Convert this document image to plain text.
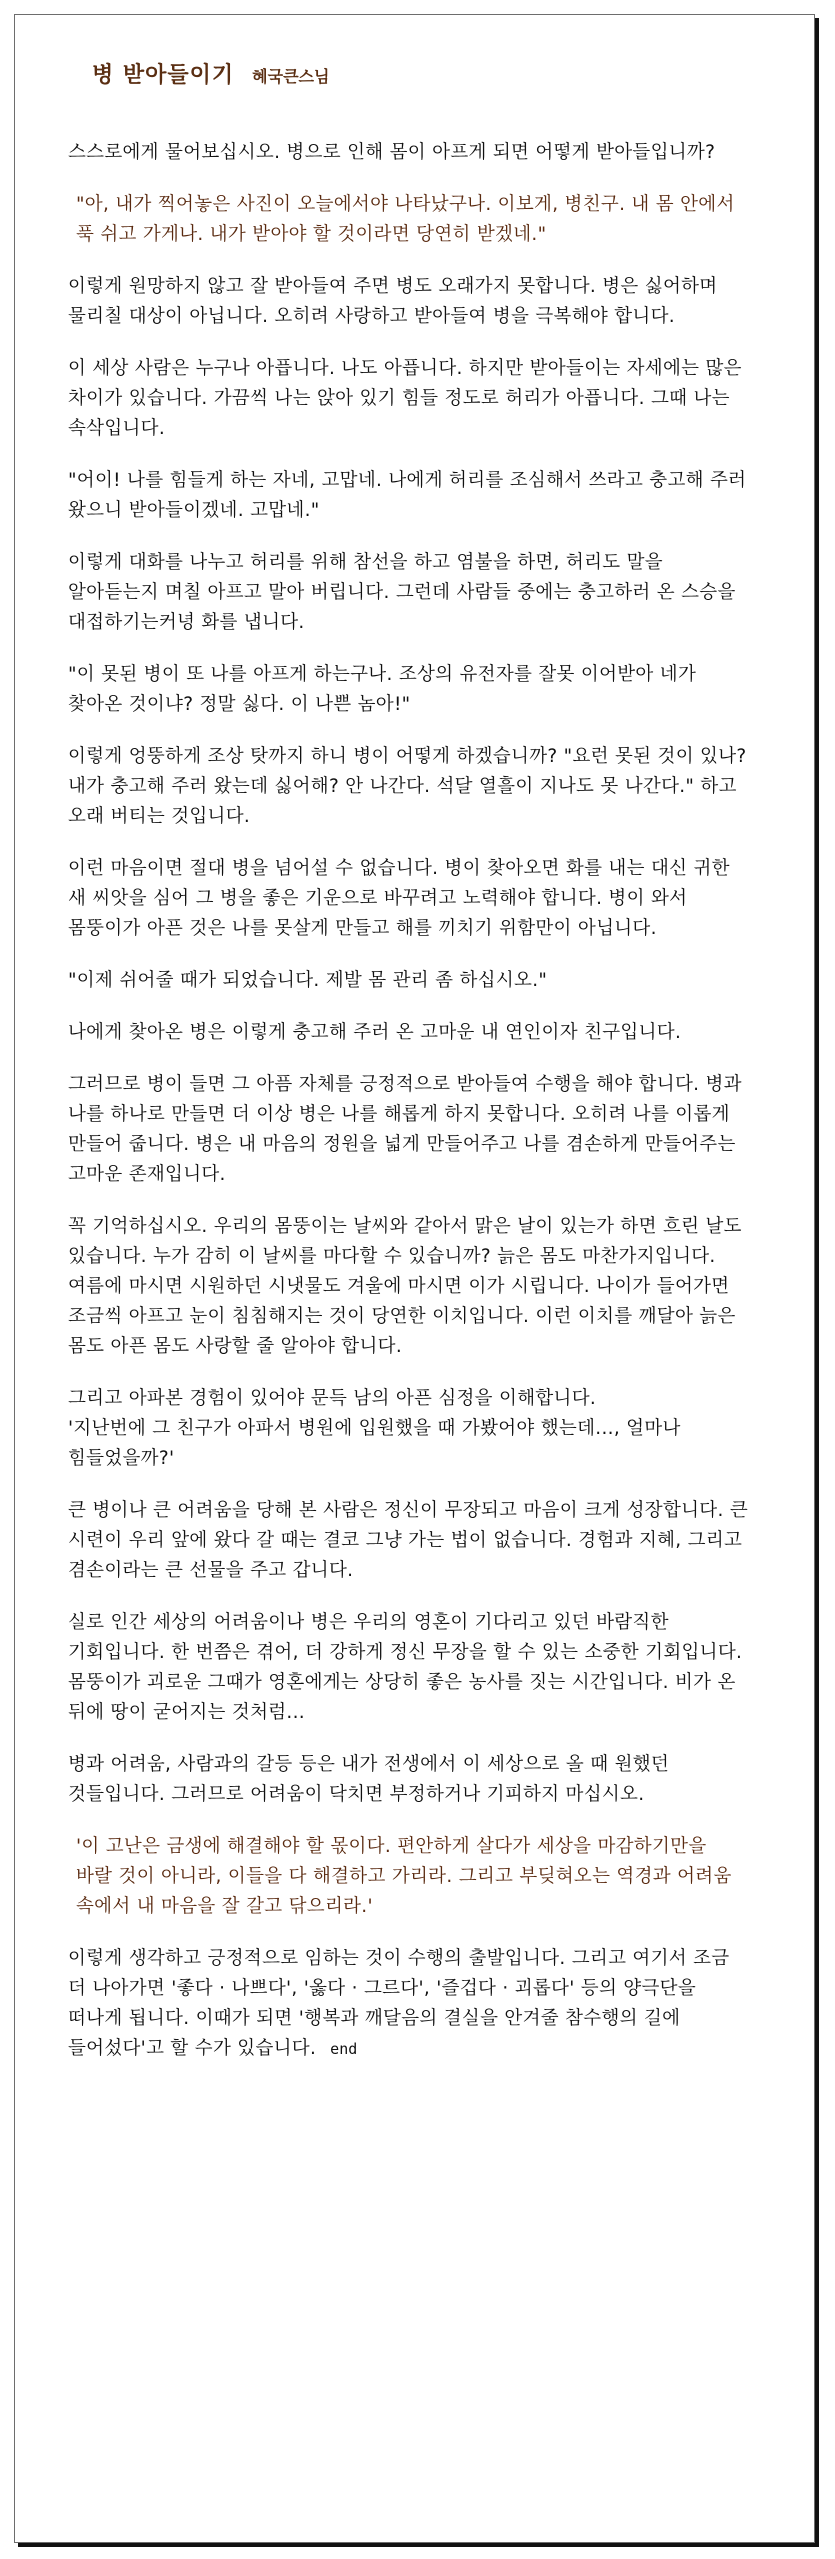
병 받아들이기 혜국큰스님

스스로에게 물어보십시오. 병으로 인해 몸이 아프게 되면 어떻게 받아들입니까?

"아, 내가 찍어놓은 사진이 오늘에서야 나타났구나. 이보게, 병친구. 내 몸 안에서 푹 쉬고 가게나. 내가 받아야 할 것이라면 당연히 받겠네."

이렇게 원망하지 않고 잘 받아들여 주면 병도 오래가지 못합니다. 병은 싫어하며 물리칠 대상이 아닙니다. 오히려 사랑하고 받아들여 병을 극복해야 합니다.

이 세상 사람은 누구나 아픕니다. 나도 아픕니다. 하지만 받아들이는 자세에는 많은 차이가 있습니다. 가끔씩 나는 앉아 있기 힘들 정도로 허리가 아픕니다. 그때 나는 속삭입니다.

"어이! 나를 힘들게 하는 자네, 고맙네. 나에게 허리를 조심해서 쓰라고 충고해 주러 왔으니 받아들이겠네. 고맙네."

이렇게 대화를 나누고 허리를 위해 참선을 하고 염불을 하면, 허리도 말을 알아듣는지 며칠 아프고 말아 버립니다. 그런데 사람들 중에는 충고하러 온 스승을 대접하기는커녕 화를 냅니다.

"이 못된 병이 또 나를 아프게 하는구나. 조상의 유전자를 잘못 이어받아 네가 찾아온 것이냐? 정말 싫다. 이 나쁜 놈아!"

이렇게 엉뚱하게 조상 탓까지 하니 병이 어떻게 하겠습니까? "요런 못된 것이 있나? 내가 충고해 주러 왔는데 싫어해? 안 나간다. 석달 열흘이 지나도 못 나간다." 하고 오래 버티는 것입니다.

이런 마음이면 절대 병을 넘어설 수 없습니다. 병이 찾아오면 화를 내는 대신 귀한 새 씨앗을 심어 그 병을 좋은 기운으로 바꾸려고 노력해야 합니다. 병이 와서 몸뚱이가 아픈 것은 나를 못살게 만들고 해를 끼치기 위함만이 아닙니다.

"이제 쉬어줄 때가 되었습니다. 제발 몸 관리 좀 하십시오."

나에게 찾아온 병은 이렇게 충고해 주러 온 고마운 내 연인이자 친구입니다.

그러므로 병이 들면 그 아픔 자체를 긍정적으로 받아들여 수행을 해야 합니다. 병과 나를 하나로 만들면 더 이상 병은 나를 해롭게 하지 못합니다. 오히려 나를 이롭게 만들어 줍니다. 병은 내 마음의 정원을 넓게 만들어주고 나를 겸손하게 만들어주는 고마운 존재입니다.

꼭 기억하십시오. 우리의 몸뚱이는 날씨와 같아서 맑은 날이 있는가 하면 흐린 날도 있습니다. 누가 감히 이 날씨를 마다할 수 있습니까? 늙은 몸도 마찬가지입니다. 여름에 마시면 시원하던 시냇물도 겨울에 마시면 이가 시립니다. 나이가 들어가면 조금씩 아프고 눈이 침침해지는 것이 당연한 이치입니다. 이런 이치를 깨달아 늙은 몸도 아픈 몸도 사랑할 줄 알아야 합니다.

그리고 아파본 경험이 있어야 문득 남의 아픈 심정을 이해합니다.

'지난번에 그 친구가 아파서 병원에 입원했을 때 가봤어야 했는데..., 얼마나 힘들었을까?'

큰 병이나 큰 어려움을 당해 본 사람은 정신이 무장되고 마음이 크게 성장합니다. 큰 시련이 우리 앞에 왔다 갈 때는 결코 그냥 가는 법이 없습니다. 경험과 지혜, 그리고 겸손이라는 큰 선물을 주고 갑니다.

실로 인간 세상의 어려움이나 병은 우리의 영혼이 기다리고 있던 바람직한 기회입니다. 한 번쯤은 겪어, 더 강하게 정신 무장을 할 수 있는 소중한 기회입니다. 몸뚱이가 괴로운 그때가 영혼에게는 상당히 좋은 농사를 짓는 시간입니다. 비가 온 뒤에 땅이 굳어지는 것처럼...

병과 어려움, 사람과의 갈등 등은 내가 전생에서 이 세상으로 올 때 원했던 것들입니다. 그러므로 어려움이 닥치면 부정하거나 기피하지 마십시오.

'이 고난은 금생에 해결해야 할 몫이다. 편안하게 살다가 세상을 마감하기만을 바랄 것이 아니라, 이들을 다 해결하고 가리라. 그리고 부딪혀오는 역경과 어려움 속에서 내 마음을 잘 갈고 닦으리라.'

이렇게 생각하고 긍정적으로 임하는 것이 수행의 출발입니다. 그리고 여기서 조금 더 나아가면 '좋다 · 나쁘다', '옳다 · 그르다', '즐겁다 · 괴롭다' 등의 양극단을 떠나게 됩니다. 이때가 되면 '행복과 깨달음의 결실을 안겨줄 참수행의 길에 들어섰다'고 할 수가 있습니다. end
